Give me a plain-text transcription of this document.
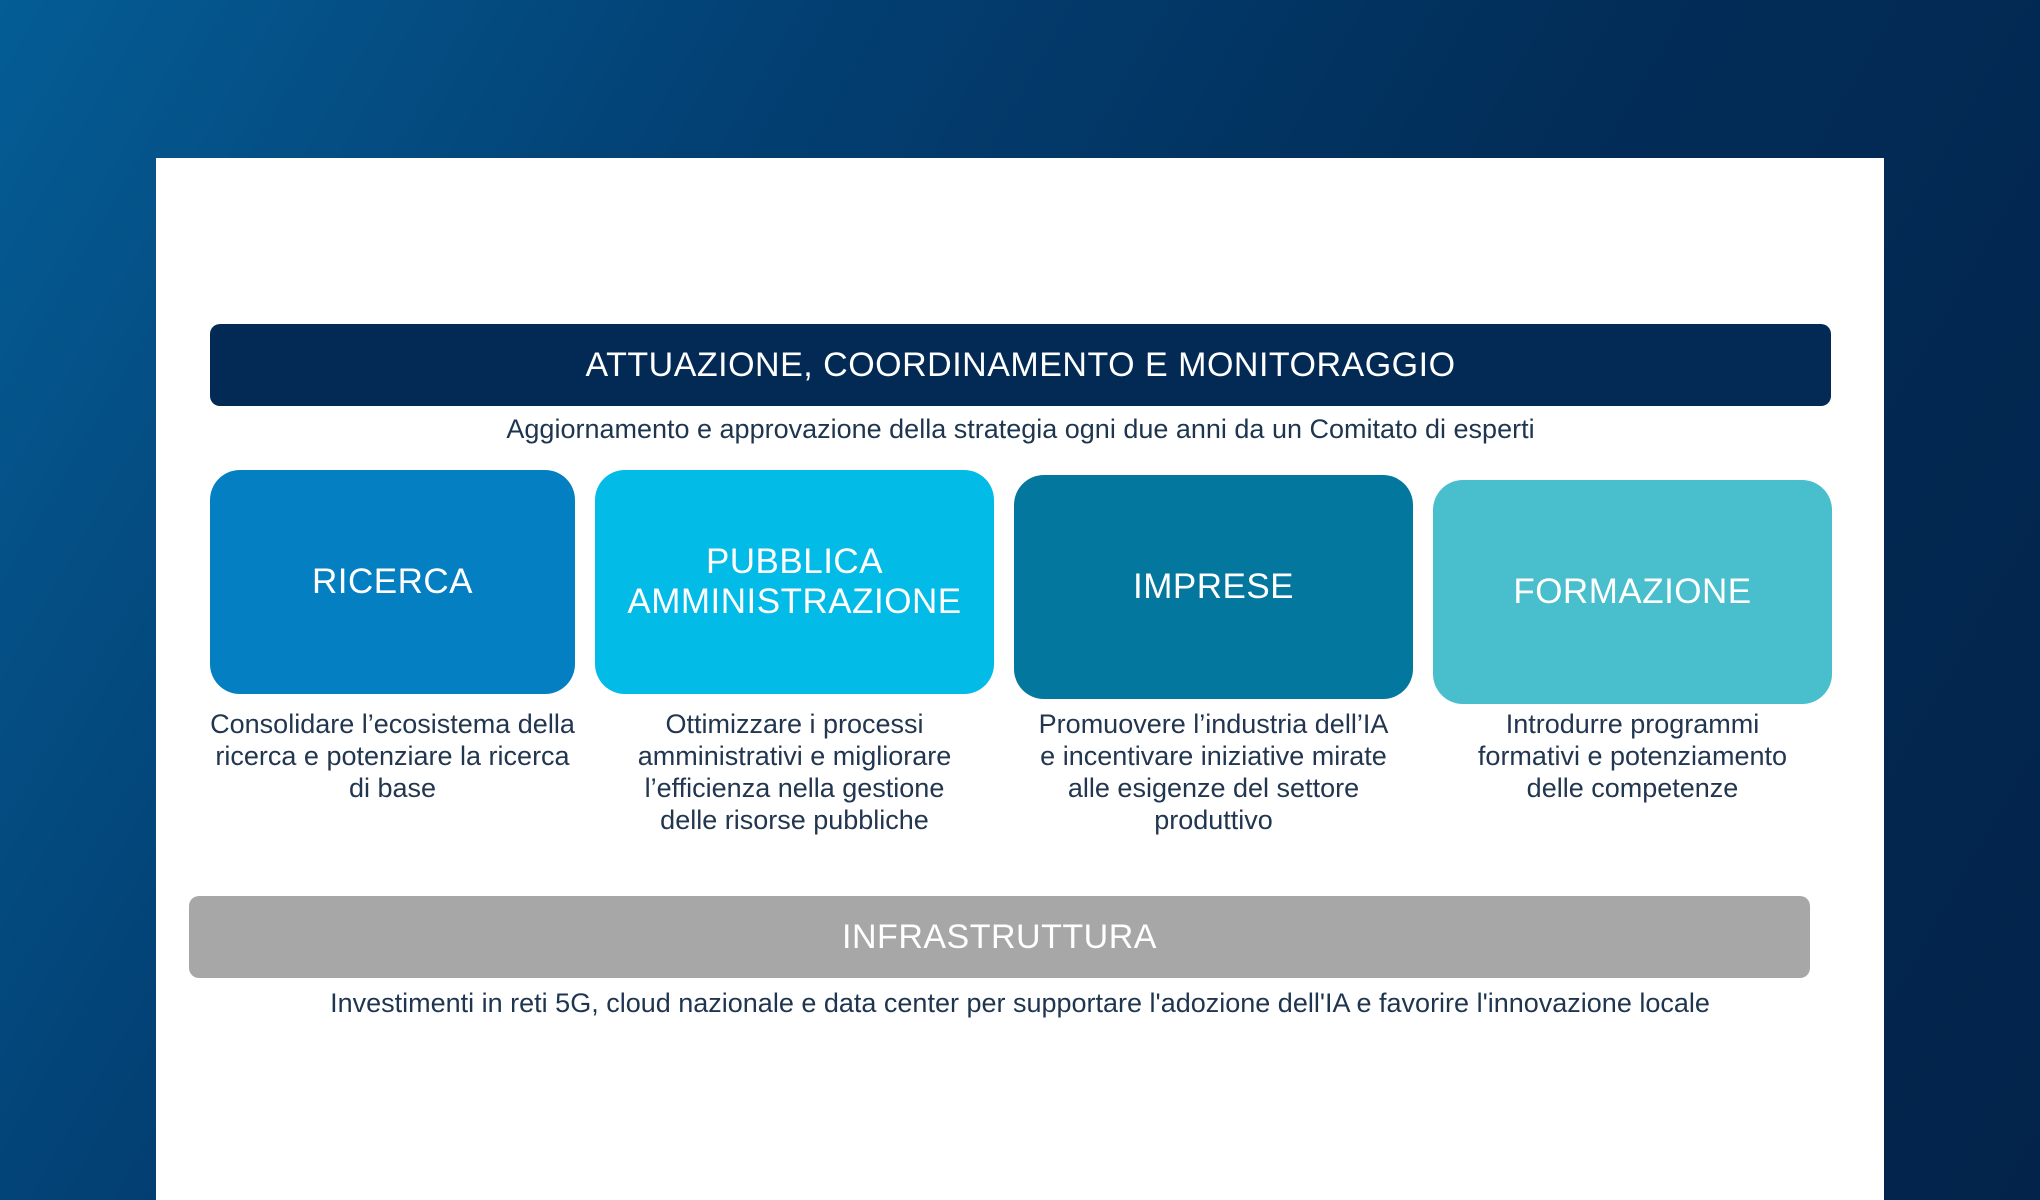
ATTUAZIONE, COORDINAMENTO E MONITORAGGIO
Aggiornamento e approvazione della strategia ogni due anni da un Comitato di esperti
RICERCA
PUBBLICA
AMMINISTRAZIONE	IMPRESE	FORMAZIONE
Consolidare l’ecosistema della ricerca e potenziare la ricerca di base
Ottimizzare i processi amministrativi e migliorare l’efficienza nella gestione delle risorse pubbliche
Promuovere l’industria dell’IA e incentivare iniziative mirate alle esigenze del settore produttivo
Introdurre programmi formativi e potenziamento delle competenze
INFRASTRUTTURA
Investimenti in reti 5G, cloud nazionale e data center per supportare l'adozione dell'IA e favorire l'innovazione locale
